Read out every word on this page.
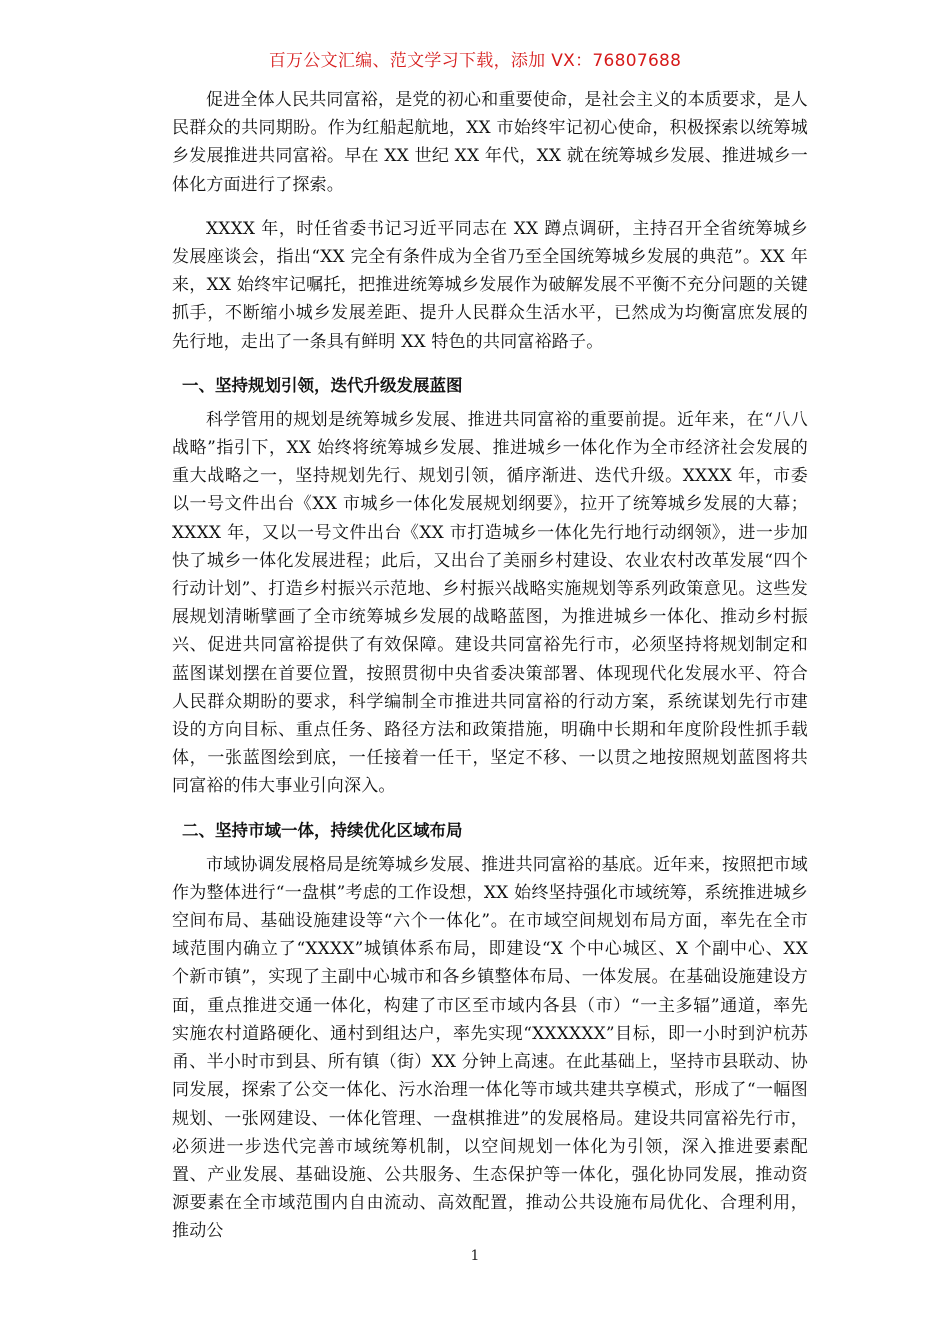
百万公文汇编、范文学习下载，添加 VX：76807688

促进全体人民共同富裕，是党的初心和重要使命，是社会主义的本质要求，是人民群众的共同期盼。作为红船起航地，XX 市始终牢记初心使命，积极探索以统筹城乡发展推进共同富裕。早在 XX 世纪 XX 年代，XX 就在统筹城乡发展、推进城乡一体化方面进行了探索。

XXXX 年，时任省委书记习近平同志在 XX 蹲点调研，主持召开全省统筹城乡发展座谈会，指出“XX 完全有条件成为全省乃至全国统筹城乡发展的典范”。XX 年来，XX 始终牢记嘱托，把推进统筹城乡发展作为破解发展不平衡不充分问题的关键抓手，不断缩小城乡发展差距、提升人民群众生活水平，已然成为均衡富庶发展的先行地，走出了一条具有鲜明 XX 特色的共同富裕路子。

一、坚持规划引领，迭代升级发展蓝图

科学管用的规划是统筹城乡发展、推进共同富裕的重要前提。近年来，在“八八战略”指引下，XX 始终将统筹城乡发展、推进城乡一体化作为全市经济社会发展的重大战略之一，坚持规划先行、规划引领，循序渐进、迭代升级。XXXX 年，市委以一号文件出台《XX 市城乡一体化发展规划纲要》，拉开了统筹城乡发展的大幕；XXXX 年，又以一号文件出台《XX 市打造城乡一体化先行地行动纲领》，进一步加快了城乡一体化发展进程；此后，又出台了美丽乡村建设、农业农村改革发展“四个行动计划”、打造乡村振兴示范地、乡村振兴战略实施规划等系列政策意见。这些发展规划清晰擘画了全市统筹城乡发展的战略蓝图，为推进城乡一体化、推动乡村振兴、促进共同富裕提供了有效保障。建设共同富裕先行市，必须坚持将规划制定和蓝图谋划摆在首要位置，按照贯彻中央省委决策部署、体现现代化发展水平、符合人民群众期盼的要求，科学编制全市推进共同富裕的行动方案，系统谋划先行市建设的方向目标、重点任务、路径方法和政策措施，明确中长期和年度阶段性抓手载体，一张蓝图绘到底，一任接着一任干，坚定不移、一以贯之地按照规划蓝图将共同富裕的伟大事业引向深入。

二、坚持市域一体，持续优化区域布局

市域协调发展格局是统筹城乡发展、推进共同富裕的基底。近年来，按照把市域作为整体进行“一盘棋”考虑的工作设想，XX 始终坚持强化市域统筹，系统推进城乡空间布局、基础设施建设等“六个一体化”。在市域空间规划布局方面，率先在全市域范围内确立了“XXXX”城镇体系布局，即建设“X 个中心城区、X 个副中心、XX 个新市镇”，实现了主副中心城市和各乡镇整体布局、一体发展。在基础设施建设方面，重点推进交通一体化，构建了市区至市域内各县（市）“一主多辐”通道，率先实施农村道路硬化、通村到组达户，率先实现“XXXXXX”目标，即一小时到沪杭苏甬、半小时市到县、所有镇（街）XX 分钟上高速。在此基础上，坚持市县联动、协同发展，探索了公交一体化、污水治理一体化等市域共建共享模式，形成了“一幅图规划、一张网建设、一体化管理、一盘棋推进”的发展格局。建设共同富裕先行市，必须进一步迭代完善市域统筹机制，以空间规划一体化为引领，深入推进要素配置、产业发展、基础设施、公共服务、生态保护等一体化，强化协同发展，推动资源要素在全市域范围内自由流动、高效配置，推动公共设施布局优化、合理利用，推动公

1
